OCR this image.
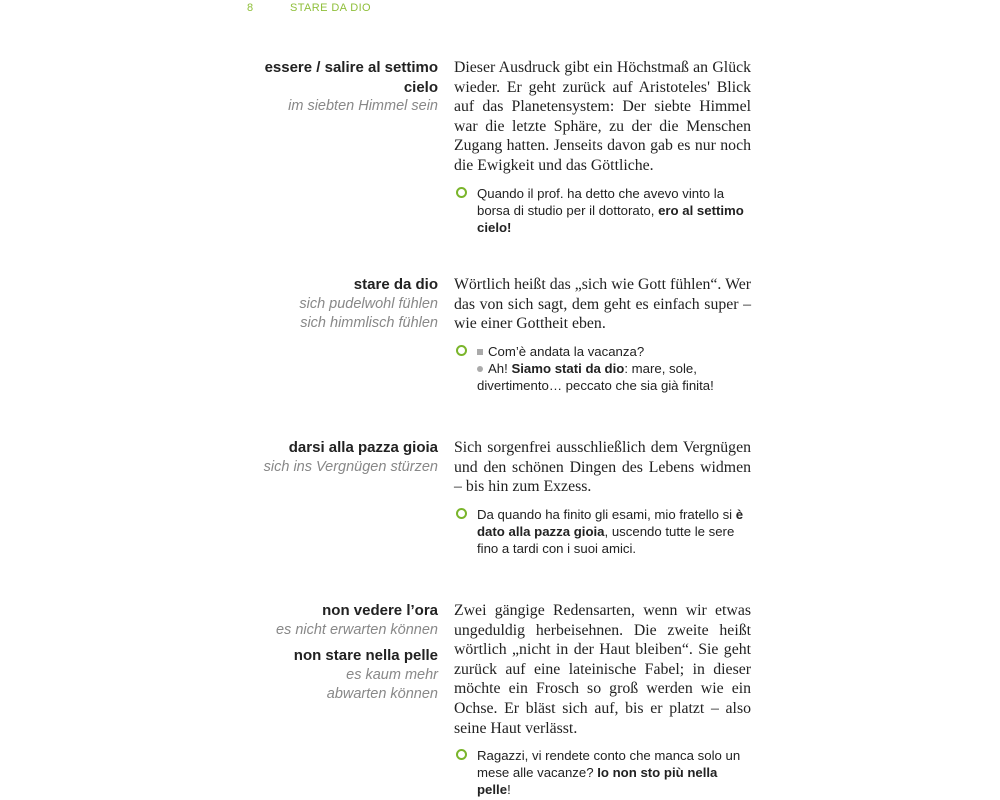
8	STARE DA DIO
essere / salire al settimo cielo
im siebten Himmel sein

Dieser Ausdruck gibt ein Höchstmaß an Glück wieder. Er geht zurück auf Aristoteles' Blick auf das Planetensystem: Der siebte Himmel war die letzte Sphäre, zu der die Menschen Zugang hatten. Jenseits davon gab es nur noch die Ewigkeit und das Göttliche.

Quando il prof. ha detto che avevo vinto la borsa di studio per il dottorato, ero al settimo cielo!
stare da dio
sich pudelwohl fühlen
sich himmlisch fühlen

Wörtlich heißt das „sich wie Gott fühlen“. Wer das von sich sagt, dem geht es einfach super – wie einer Gottheit eben.

Com’è andata la vacanza?
Ah! Siamo stati da dio: mare, sole, divertimento… peccato che sia già finita!
darsi alla pazza gioia
sich ins Vergnügen stürzen

Sich sorgenfrei ausschließlich dem Vergnügen und den schönen Dingen des Lebens widmen – bis hin zum Exzess.

Da quando ha finito gli esami, mio fratello si è dato alla pazza gioia, uscendo tutte le sere fino a tardi con i suoi amici.
non vedere l’ora
es nicht erwarten können
non stare nella pelle
es kaum mehr
abwarten können

Zwei gängige Redensarten, wenn wir etwas ungeduldig herbeisehnen. Die zweite heißt wörtlich „nicht in der Haut bleiben“. Sie geht zurück auf eine lateinische Fabel; in dieser möchte ein Frosch so groß werden wie ein Ochse. Er bläst sich auf, bis er platzt – also seine Haut verlässt.

Ragazzi, vi rendete conto che manca solo un mese alle vacanze? Io non sto più nella pelle!
